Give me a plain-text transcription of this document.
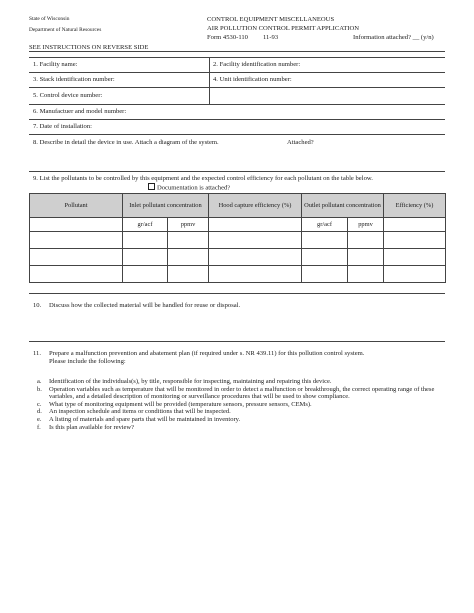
State of Wisconsin
Department of Natural Resources
CONTROL EQUIPMENT MISCELLANEOUS
AIR POLLUTION CONTROL PERMIT APPLICATION
Form 4530-110 11-93	Information attached? __ (y/n)
SEE INSTRUCTIONS ON REVERSE SIDE
1. Facility name:	2. Facility identification number:
3. Stack identification number:	4. Unit identification number:
5. Control device number:
6. Manufactuer and model number:
7. Date of installation:
8. Describe in detail the device in use. Attach a diagram of the system.	Attached?
9. List the pollutants to be controlled by this equipment and the expected control efficiency for each pollutant on the table below.
Documentation is attached?
Pollutant	Inlet pollutant concentration		Hood capture efficiency (%)	Outlet pollutant concentration		Efficiency (%)
	gr/acf	ppmv		gr/acf	ppmv	

10. Discuss how the collected material will be handled for reuse or disposal.
11. Prepare a malfunction prevention and abatement plan (if required under s. NR 439.11) for this pollution control system.
Please include the following:
a. Identification of the individuals(s), by title, responsible for inspecting, maintaining and repairing this device.
b. Operation variables such as temperature that will be monitored in order to detect a malfunction or breakthrough, the correct operating range of these variables, and a detailed description of monitoring or surveillance procedures that will be used to show compliance.
c. What type of monitoring equipment will be provided (temperature sensors, pressure sensors, CEMs).
d. An inspection schedule and items or conditions that will be inspected.
e. A listing of materials and spare parts that will be maintained in inventory.
f. Is this plan available for review?
